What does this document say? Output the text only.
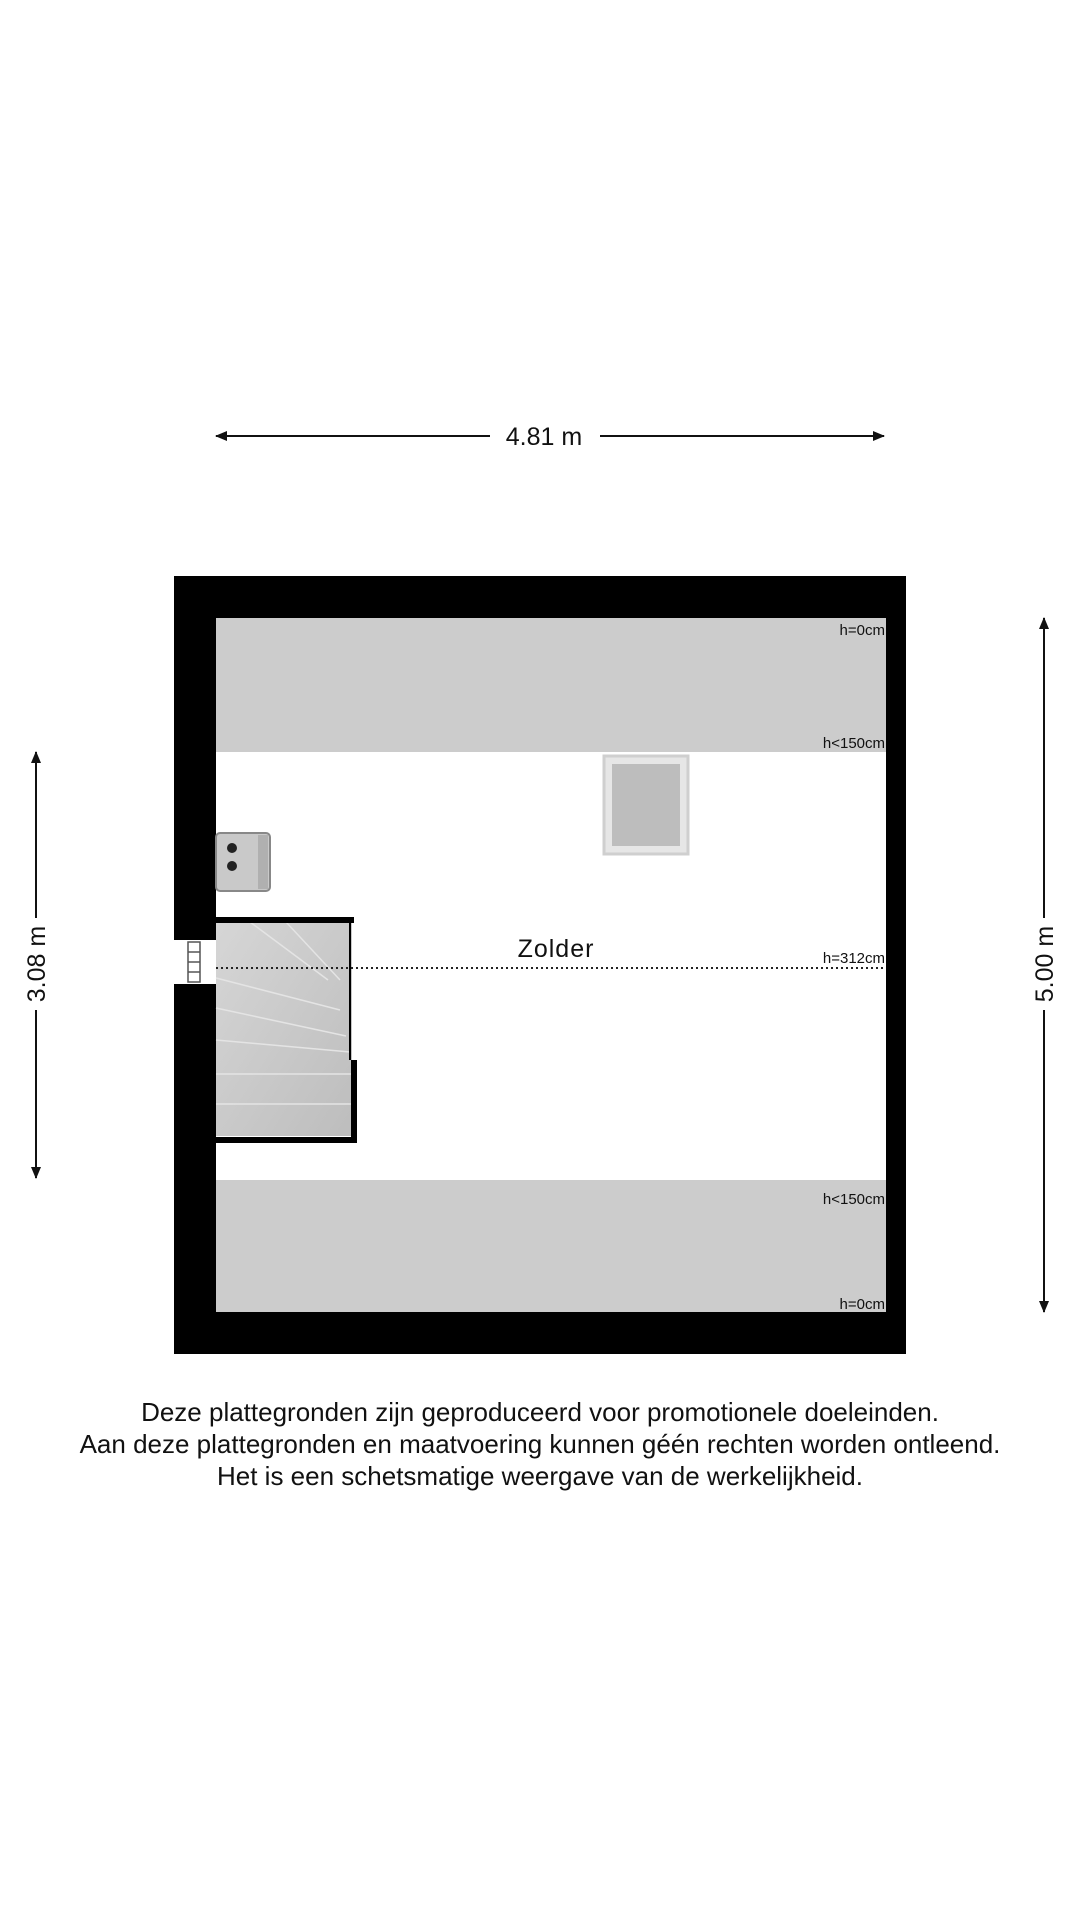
4.81 m
5.00 m
3.08 m	Zolder
h=0cm
h<150cm
h=312cm
h<150cm
h=0cm
Deze plattegronden zijn geproduceerd voor promotionele doeleinden.
Aan deze plattegronden en maatvoering kunnen géén rechten worden ontleend.
Het is een schetsmatige weergave van de werkelijkheid.
